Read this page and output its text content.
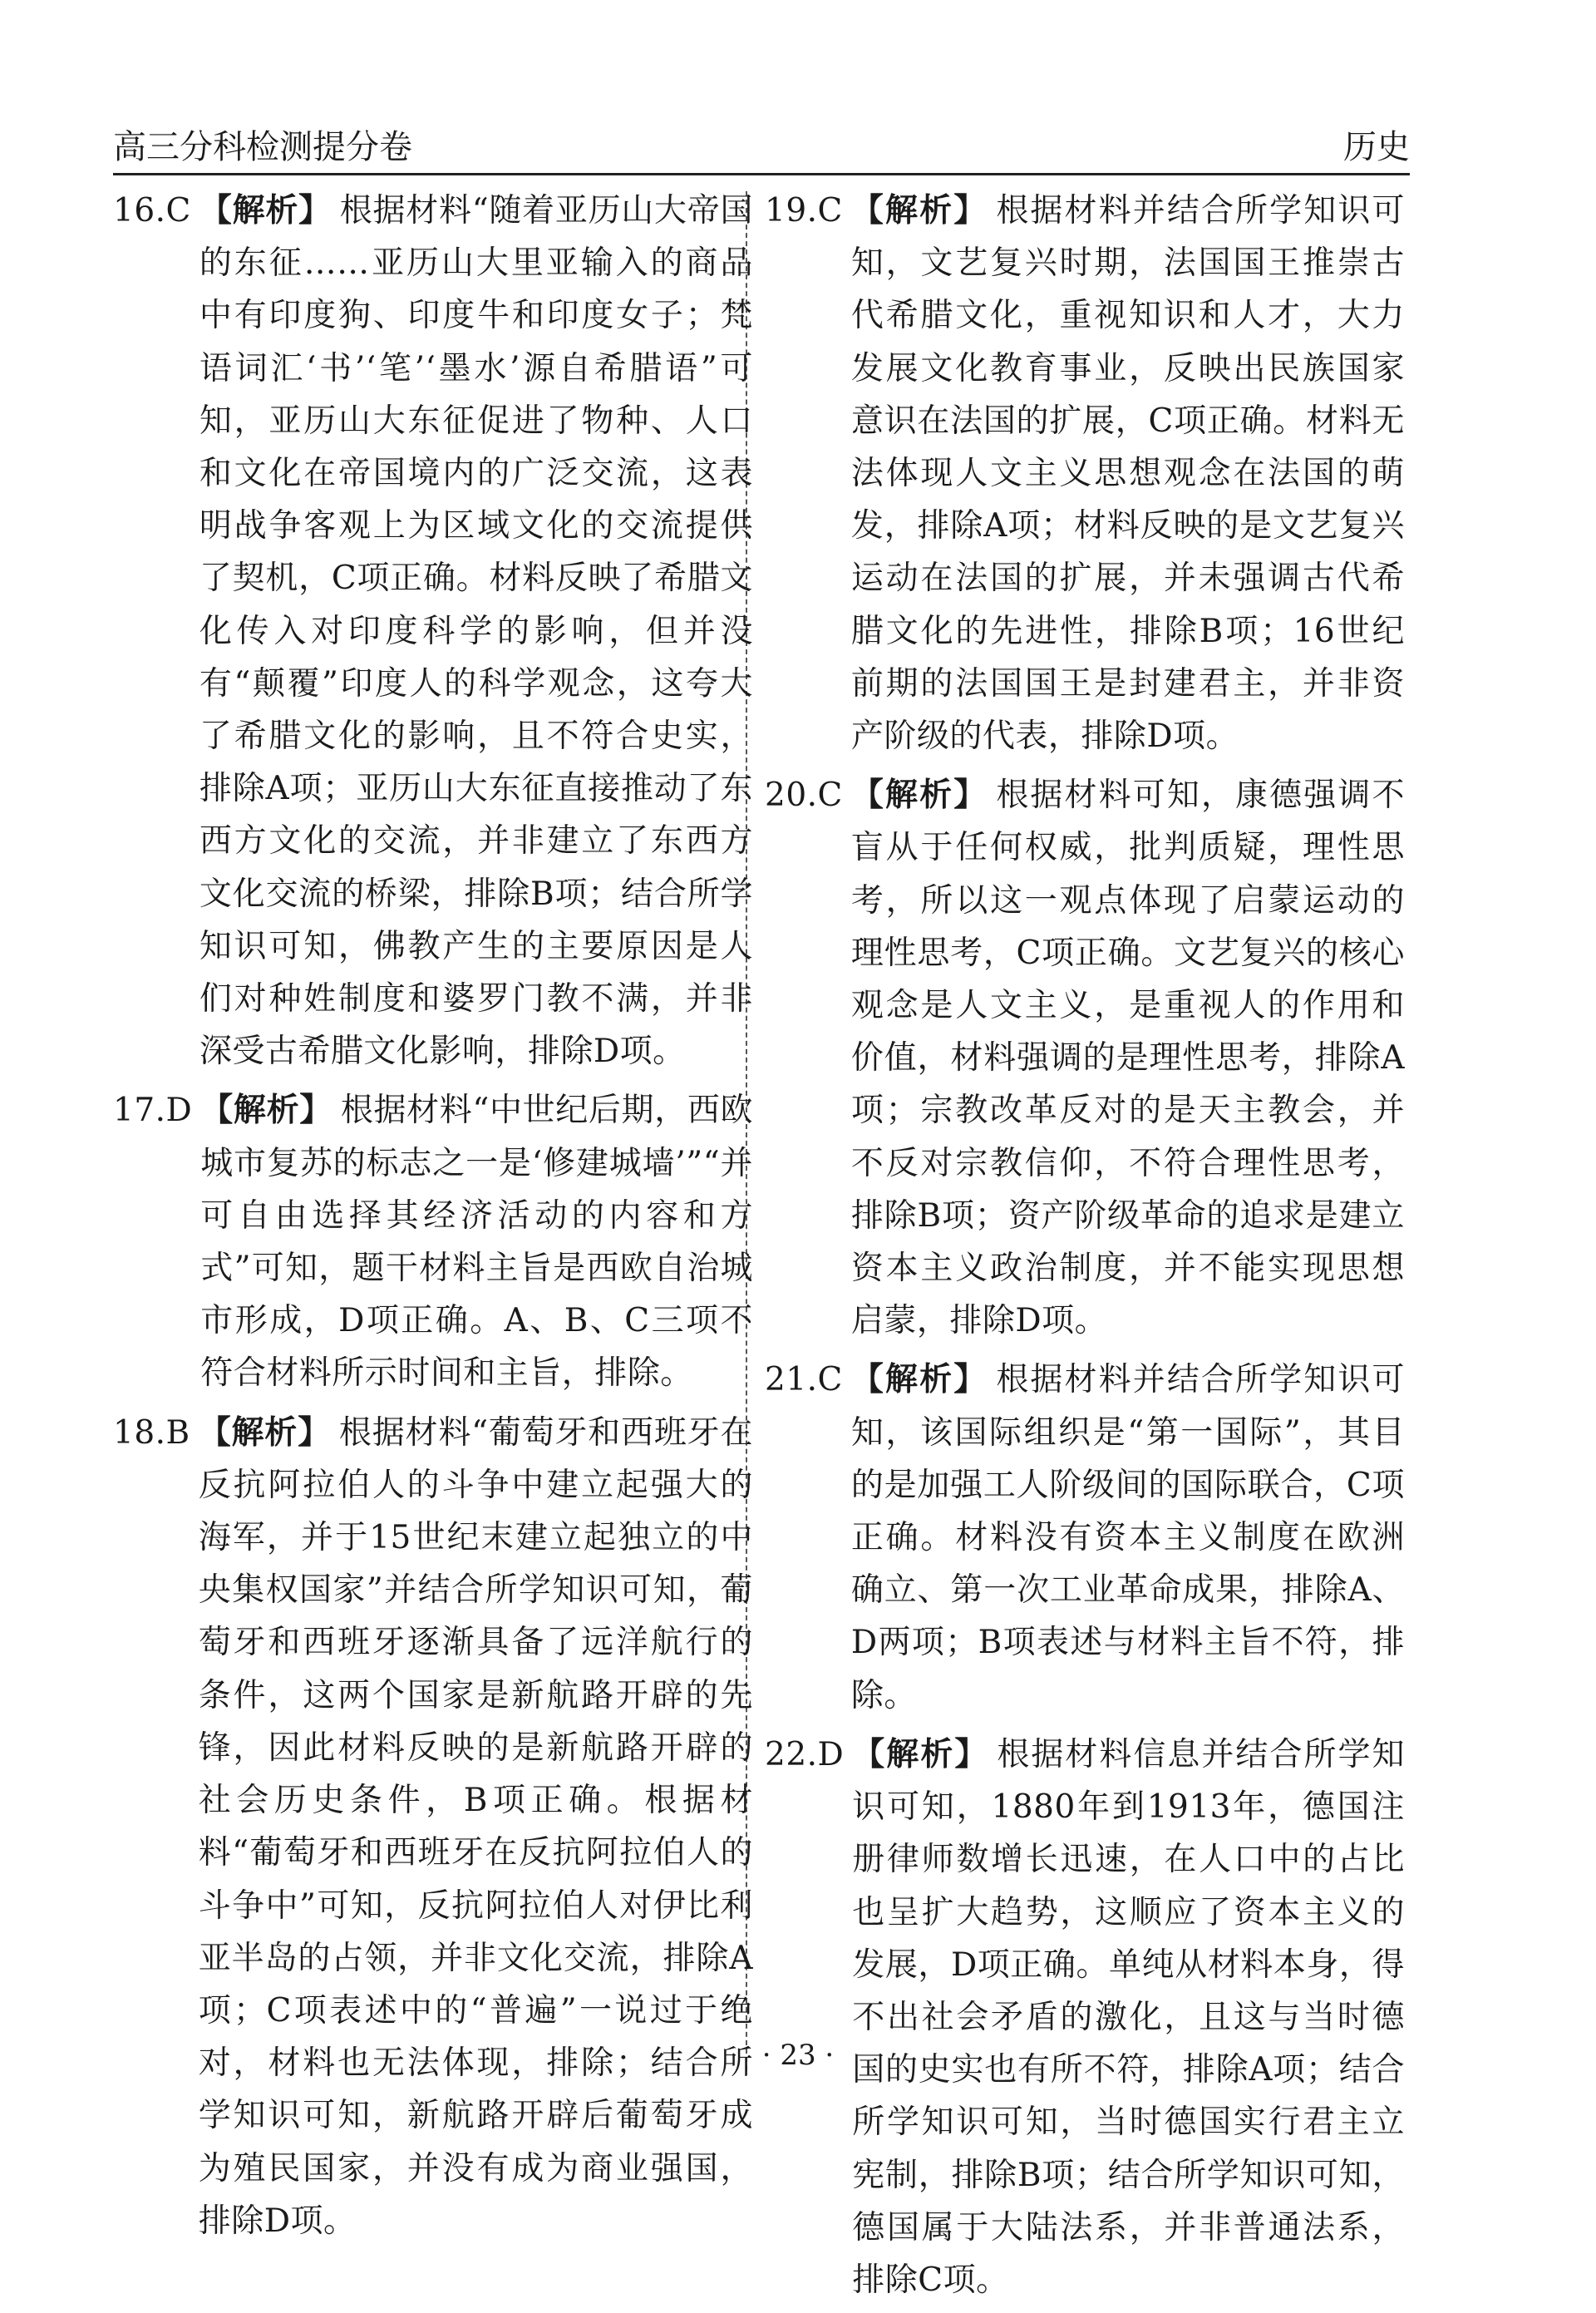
高三分科检测提分卷	历史
16.C 【解析】 根据材料“随着亚历山大帝国的东征……亚历山大里亚输入的商品中有印度狗、印度牛和印度女子；梵语词汇‘书’‘笔’‘墨水’源自希腊语”可知，亚历山大东征促进了物种、人口和文化在帝国境内的广泛交流，这表明战争客观上为区域文化的交流提供了契机，C项正确。材料反映了希腊文化传入对印度科学的影响，但并没有“颠覆”印度人的科学观念，这夸大了希腊文化的影响，且不符合史实，排除A项；亚历山大东征直接推动了东西方文化的交流，并非建立了东西方文化交流的桥梁，排除B项；结合所学知识可知，佛教产生的主要原因是人们对种姓制度和婆罗门教不满，并非深受古希腊文化影响，排除D项。
17.D 【解析】 根据材料“中世纪后期，西欧城市复苏的标志之一是‘修建城墙’”“并可自由选择其经济活动的内容和方式”可知，题干材料主旨是西欧自治城市形成，D项正确。A、B、C三项不符合材料所示时间和主旨，排除。
18.B 【解析】 根据材料“葡萄牙和西班牙在反抗阿拉伯人的斗争中建立起强大的海军，并于15世纪末建立起独立的中央集权国家”并结合所学知识可知，葡萄牙和西班牙逐渐具备了远洋航行的条件，这两个国家是新航路开辟的先锋，因此材料反映的是新航路开辟的社会历史条件，B项正确。根据材料“葡萄牙和西班牙在反抗阿拉伯人的斗争中”可知，反抗阿拉伯人对伊比利亚半岛的占领，并非文化交流，排除A项；C项表述中的“普遍”一说过于绝对，材料也无法体现，排除；结合所学知识可知，新航路开辟后葡萄牙成为殖民国家，并没有成为商业强国，排除D项。
19.C 【解析】 根据材料并结合所学知识可知，文艺复兴时期，法国国王推崇古代希腊文化，重视知识和人才，大力发展文化教育事业，反映出民族国家意识在法国的扩展，C项正确。材料无法体现人文主义思想观念在法国的萌发，排除A项；材料反映的是文艺复兴运动在法国的扩展，并未强调古代希腊文化的先进性，排除B项；16世纪前期的法国国王是封建君主，并非资产阶级的代表，排除D项。
20.C 【解析】 根据材料可知，康德强调不盲从于任何权威，批判质疑，理性思考，所以这一观点体现了启蒙运动的理性思考，C项正确。文艺复兴的核心观念是人文主义，是重视人的作用和价值，材料强调的是理性思考，排除A项；宗教改革反对的是天主教会，并不反对宗教信仰，不符合理性思考，排除B项；资产阶级革命的追求是建立资本主义政治制度，并不能实现思想启蒙，排除D项。
21.C 【解析】 根据材料并结合所学知识可知，该国际组织是“第一国际”，其目的是加强工人阶级间的国际联合，C项正确。材料没有资本主义制度在欧洲确立、第一次工业革命成果，排除A、D两项；B项表述与材料主旨不符，排除。
22.D 【解析】 根据材料信息并结合所学知识可知，1880年到1913年，德国注册律师数增长迅速，在人口中的占比也呈扩大趋势，这顺应了资本主义的发展，D项正确。单纯从材料本身，得不出社会矛盾的激化，且这与当时德国的史实也有所不符，排除A项；结合所学知识可知，当时德国实行君主立宪制，排除B项；结合所学知识可知，德国属于大陆法系，并非普通法系，排除C项。
· 23 ·
